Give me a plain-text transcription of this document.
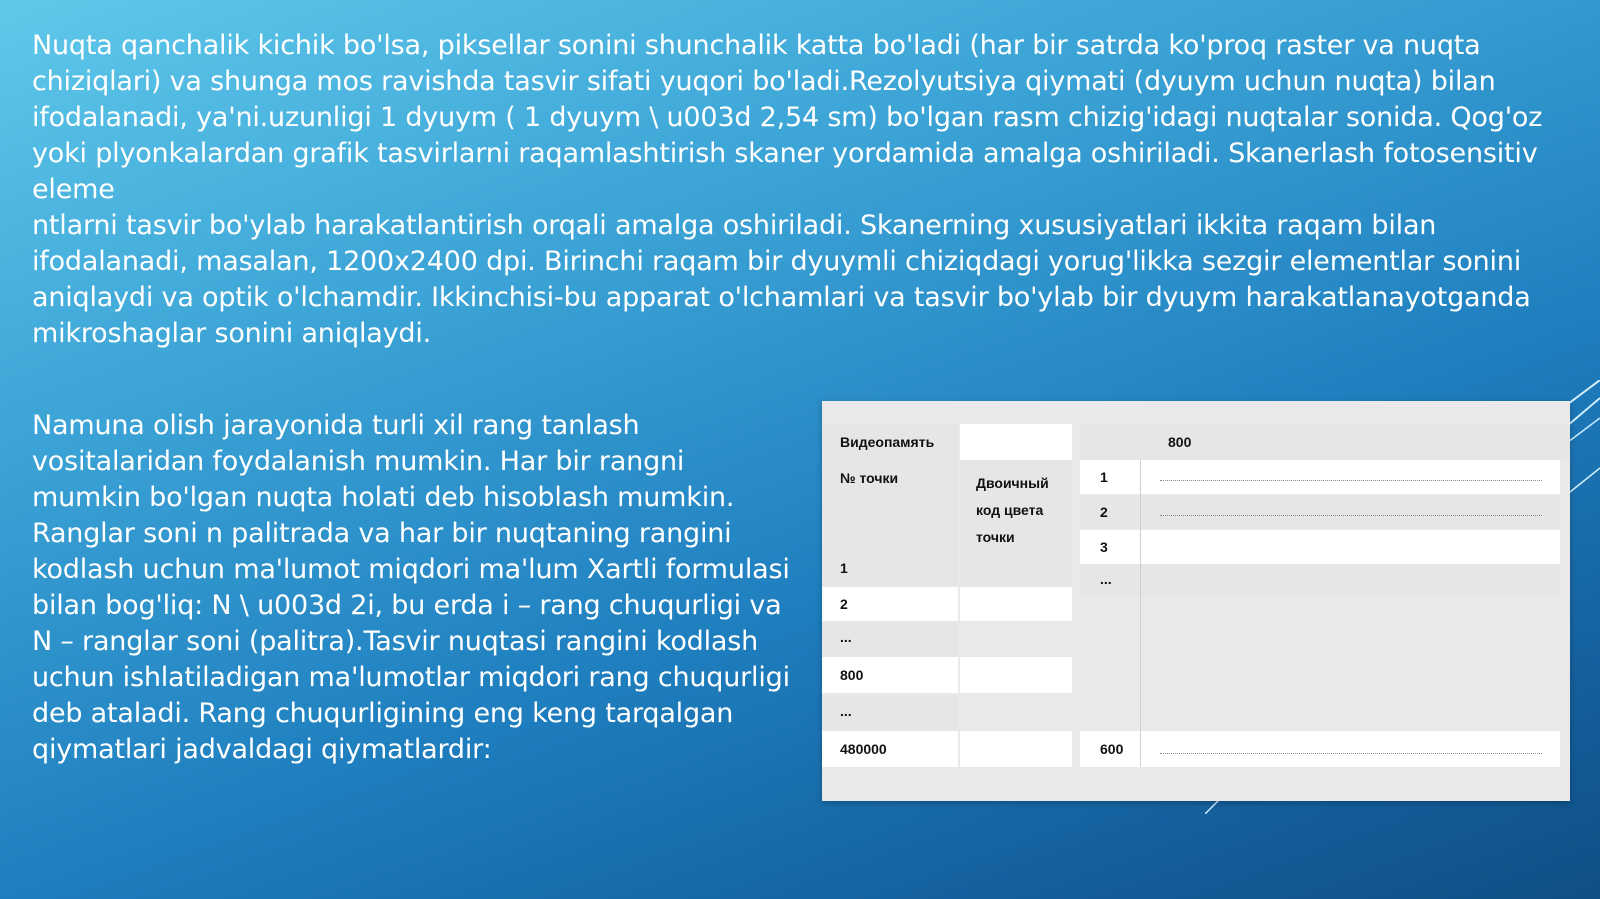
Nuqta qanchalik kichik bo'lsa, piksellar sonini shunchalik katta bo'ladi (har bir satrda ko'proq raster va nuqta chiziqlari) va shunga mos ravishda tasvir sifati yuqori bo'ladi.Rezolyutsiya qiymati (dyuym uchun nuqta) bilan ifodalanadi, ya'ni.uzunligi 1 dyuym ( 1 dyuym \ u003d 2,54 sm) bo'lgan rasm chizig'idagi nuqtalar sonida. Qog'oz yoki plyonkalardan grafik tasvirlarni raqamlashtirish skaner yordamida amalga oshiriladi. Skanerlash fotosensitiv eleme
ntlarni tasvir bo'ylab harakatlantirish orqali amalga oshiriladi. Skanerning xususiyatlari ikkita raqam bilan ifodalanadi, masalan, 1200x2400 dpi. Birinchi raqam bir dyuymli chiziqdagi yorug'likka sezgir elementlar sonini aniqlaydi va optik o'lchamdir. Ikkinchisi-bu apparat o'lchamlari va tasvir bo'ylab bir dyuym harakatlanayotganda mikroshaglar sonini aniqlaydi.
Namuna olish jarayonida turli xil rang tanlash vositalaridan foydalanish mumkin. Har bir rangni mumkin bo'lgan nuqta holati deb hisoblash mumkin. Ranglar soni n palitrada va har bir nuqtaning rangini kodlash uchun ma'lumot miqdori ma'lum Xartli formulasi bilan bog'liq: N \ u003d 2i, bu erda i – rang chuqurligi va N – ranglar soni (palitra).Tasvir nuqtasi rangini kodlash uchun ishlatiladigan ma'lumotlar miqdori rang chuqurligi deb ataladi. Rang chuqurligining eng keng tarqalgan qiymatlari jadvaldagi qiymatlardir:
Видеопамять	800
№ точки	Двоичный код цвета точки
1
2
...
800
...
480000
1
2
3
...
600
